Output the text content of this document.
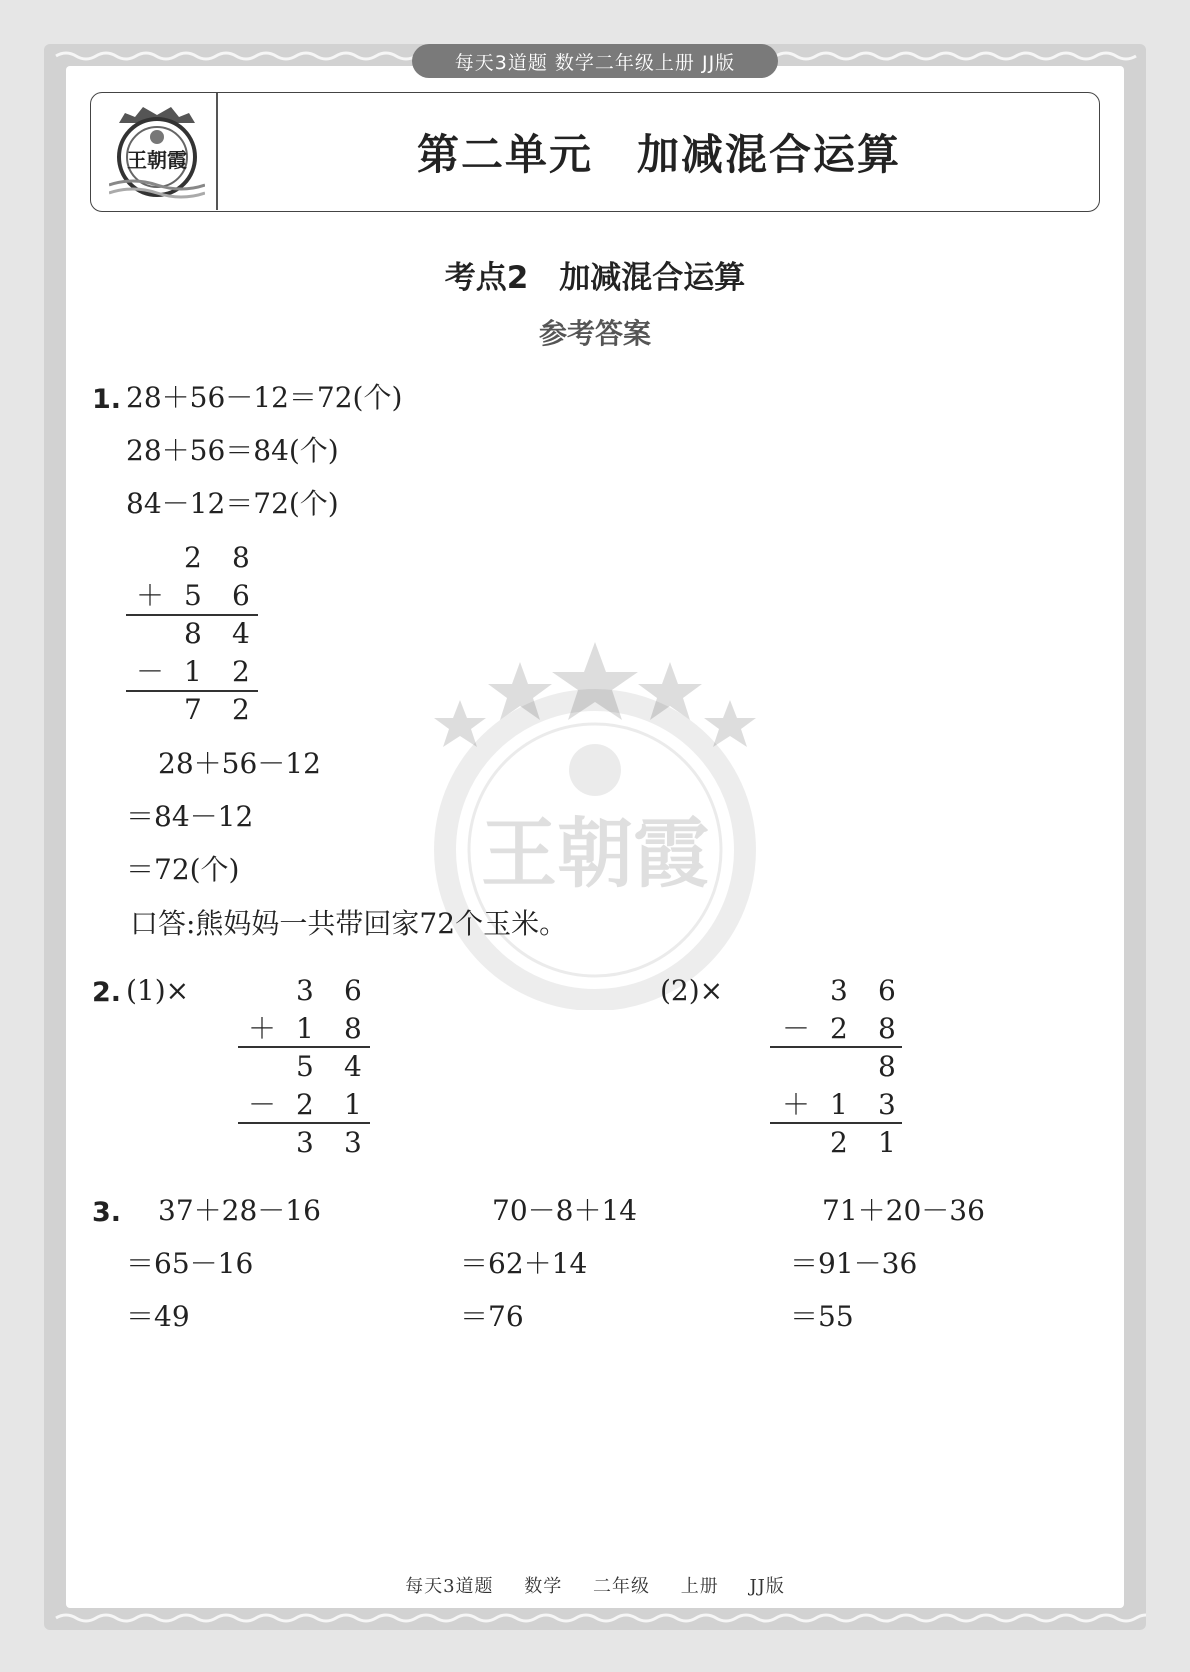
每天3道题 数学二年级上册 JJ版
王朝霞	第二单元　加减混合运算
考点2　加减混合运算
参考答案
王朝霞
1. 28＋56－12＝72(个)
28＋56＝84(个)
84－12＝72(个)
2 8
＋ 5 6
8 4
－ 1 2
7 2
28＋56－12
＝84－12
＝72(个)
口答:熊妈妈一共带回家72个玉米。
2. (1)×	3 6
＋ 1 8
5 4
－ 2 1
3 3
(2)×	3 6
－ 2 8
8
＋ 1 3
2 1
3. 37＋28－16
＝65－16
＝49
70－8＋14
＝62＋14
＝76
71＋20－36
＝91－36
＝55
每天3道题 数学 二年级 上册 JJ版
